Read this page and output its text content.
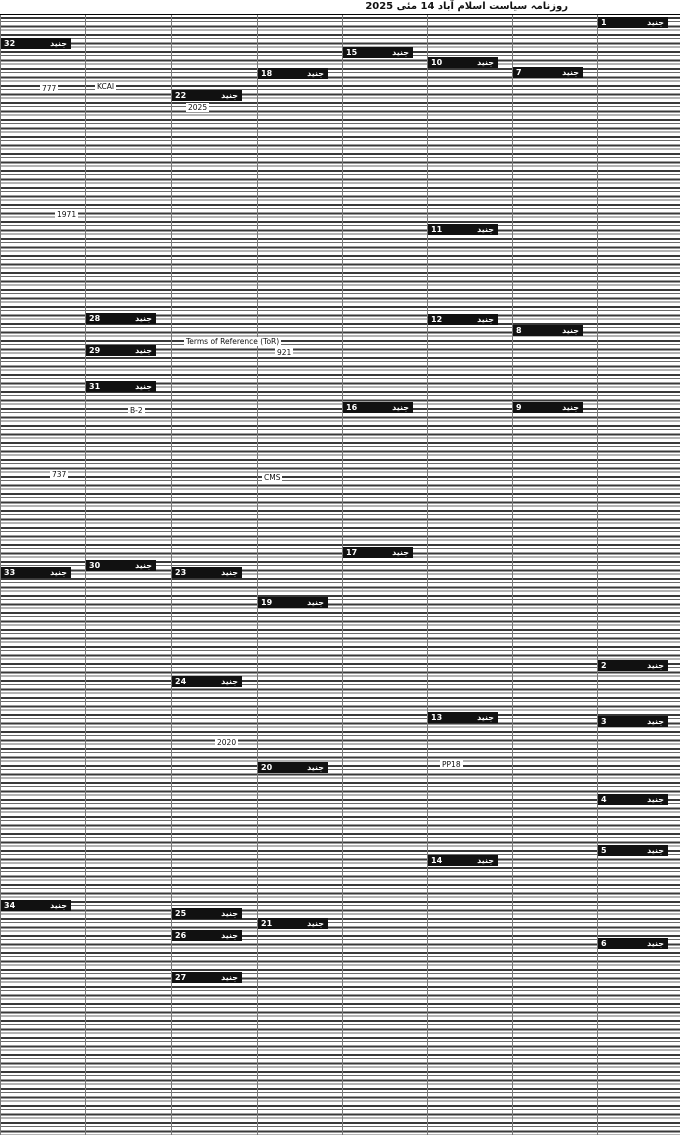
روزنامہ سیاست اسلام آباد 14 مئی 2025
1	جنید
2	جنید
3	جنید
4	جنید
5	جنید
6	جنید
7	جنید
8	جنید
9	جنید
10	جنید
11	جنید
12	جنید
13	جنید
14	جنید
15	جنید
16	جنید
17	جنید
18	جنید
19	جنید
20	جنید
21	جنید
22	جنید
23	جنید
24	جنید
25	جنید
26	جنید
27	جنید
28	جنید
29	جنید
30	جنید
31	جنید
32	جنید
33	جنید
34	جنید
KCAI
Terms of Reference (ToR)
B-2
CMS
2020
2025
777
921
737
1971
PP18
